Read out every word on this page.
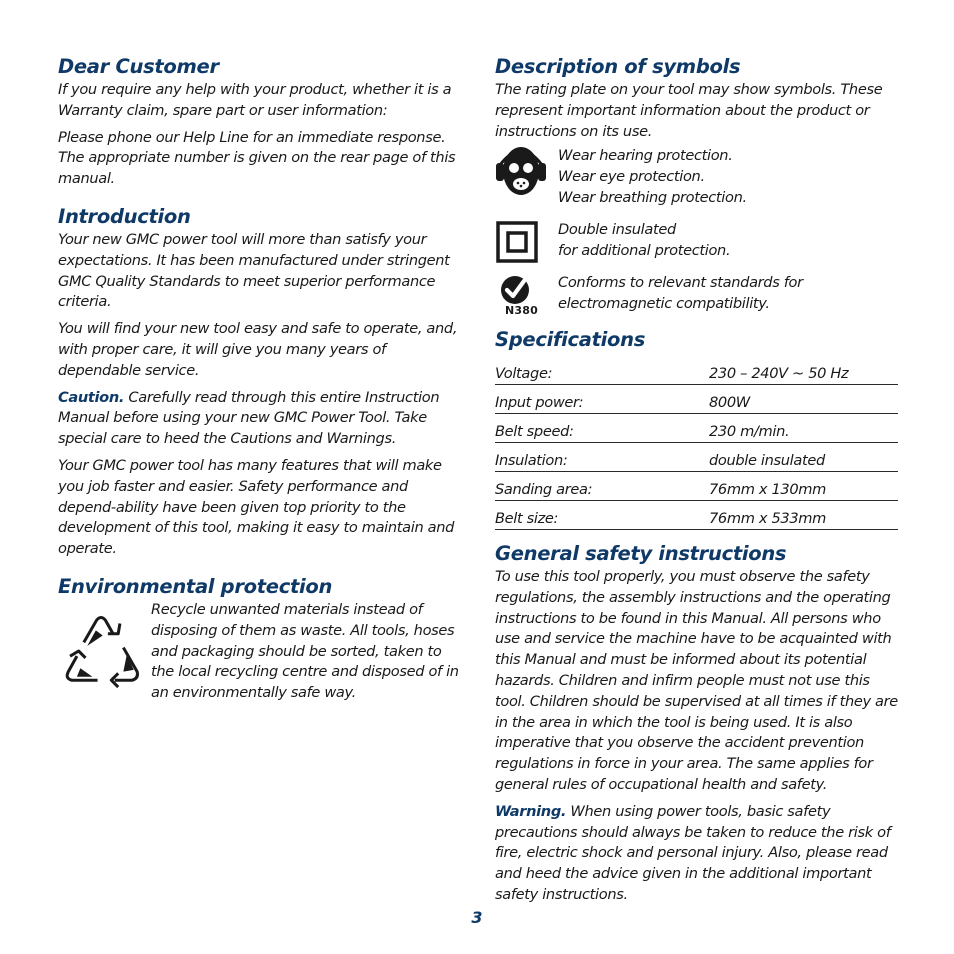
Dear Customer

If you require any help with your product, whether it is a Warranty claim, spare part or user information:

Please phone our Help Line for an immediate response. The appropriate number is given on the rear page of this manual.

Introduction

Your new GMC power tool will more than satisfy your expectations. It has been manufactured under stringent GMC Quality Standards to meet superior performance criteria.

You will find your new tool easy and safe to operate, and, with proper care, it will give you many years of dependable service.

Caution. Carefully read through this entire Instruction Manual before using your new GMC Power Tool. Take special care to heed the Cautions and Warnings.

Your GMC power tool has many features that will make you job faster and easier. Safety performance and depend-ability have been given top priority to the development of this tool, making it easy to maintain and operate.

Environmental protection

Recycle unwanted materials instead of disposing of them as waste. All tools, hoses and packaging should be sorted, taken to the local recycling centre and disposed of in an environmentally safe way.

Description of symbols

The rating plate on your tool may show symbols. These represent important information about the product or instructions on its use.

Wear hearing protection.

Wear eye protection.

Wear breathing protection.

Double insulated

for additional protection.

N380

Conforms to relevant standards for

electromagnetic compatibility.

Specifications
Voltage:	230 – 240V ~ 50 Hz
Input power:	800W
Belt speed:	230 m/min.
Insulation:	double insulated
Sanding area:	76mm x 130mm
Belt size:	76mm x 533mm
General safety instructions

To use this tool properly, you must observe the safety regulations, the assembly instructions and the operating instructions to be found in this Manual. All persons who use and service the machine have to be acquainted with this Manual and must be informed about its potential hazards. Children and infirm people must not use this tool. Children should be supervised at all times if they are in the area in which the tool is being used. It is also imperative that you observe the accident prevention regulations in force in your area. The same applies for general rules of occupational health and safety.

Warning. When using power tools, basic safety precautions should always be taken to reduce the risk of fire, electric shock and personal injury. Also, please read and heed the advice given in the additional important safety instructions.

3
